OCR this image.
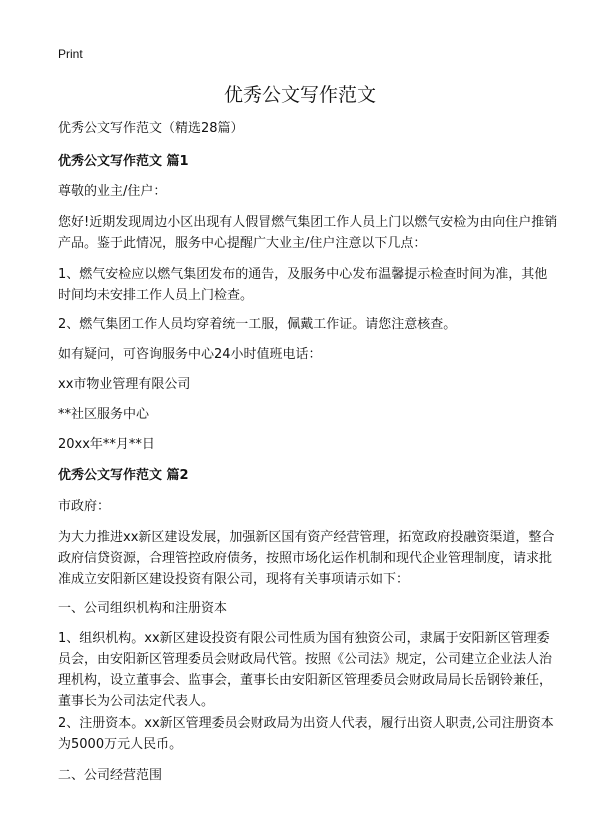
Print
优秀公文写作范文
优秀公文写作范文（精选28篇）
优秀公文写作范文 篇1
尊敬的业主/住户：
您好!近期发现周边小区出现有人假冒燃气集团工作人员上门以燃气安检为由向住户推销产品。鉴于此情况，服务中心提醒广大业主/住户注意以下几点：
1、燃气安检应以燃气集团发布的通告，及服务中心发布温馨提示检查时间为准，其他时间均未安排工作人员上门检查。
2、燃气集团工作人员均穿着统一工服，佩戴工作证。请您注意核查。
如有疑问，可咨询服务中心24小时值班电话：
xx市物业管理有限公司
**社区服务中心
20xx年**月**日
优秀公文写作范文 篇2
市政府：
为大力推进xx新区建设发展，加强新区国有资产经营管理，拓宽政府投融资渠道，整合政府信贷资源，合理管控政府债务，按照市场化运作机制和现代企业管理制度，请求批准成立安阳新区建设投资有限公司，现将有关事项请示如下：
一、公司组织机构和注册资本
1、组织机构。xx新区建设投资有限公司性质为国有独资公司，隶属于安阳新区管理委员会，由安阳新区管理委员会财政局代管。按照《公司法》规定，公司建立企业法人治理机构，设立董事会、监事会，董事长由安阳新区管理委员会财政局局长岳钢铃兼任，董事长为公司法定代表人。
2、注册资本。xx新区管理委员会财政局为出资人代表，履行出资人职责,公司注册资本为5000万元人民币。
二、公司经营范围
